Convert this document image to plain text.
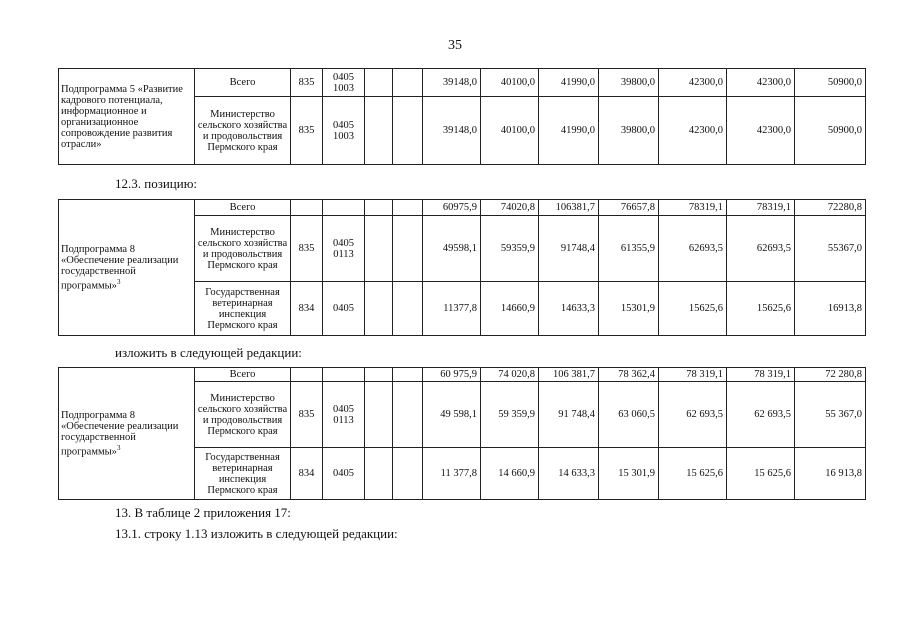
35
Подпрограмма 5 «Развитие кадрового потенциала, информационное и организационное сопровождение развития отрасли»	Всего	835	0405 1003			39148,0	40100,0	41990,0	39800,0	42300,0	42300,0	50900,0
	Министерство сельского хозяйства и продовольствия Пермского края	835	0405 1003			39148,0	40100,0	41990,0	39800,0	42300,0	42300,0	50900,0
12.3. позицию:
Подпрограмма 8 «Обеспечение реализации государственной программы»$^3$	Всего					60975,9	74020,8	106381,7	76657,8	78319,1	78319,1	72280,8
	Министерство сельского хозяйства и продовольствия Пермского края	835	0405 0113			49598,1	59359,9	91748,4	61355,9	62693,5	62693,5	55367,0
	Государственная ветеринарная инспекция Пермского края	834	0405			11377,8	14660,9	14633,3	15301,9	15625,6	15625,6	16913,8
изложить в следующей редакции:
Подпрограмма 8 «Обеспечение реализации государственной программы»$^3$	Всего					60 975,9	74 020,8	106 381,7	78 362,4	78 319,1	78 319,1	72 280,8
	Министерство сельского хозяйства и продовольствия Пермского края	835	0405 0113			49 598,1	59 359,9	91 748,4	63 060,5	62 693,5	62 693,5	55 367,0
	Государственная ветеринарная инспекция Пермского края	834	0405			11 377,8	14 660,9	14 633,3	15 301,9	15 625,6	15 625,6	16 913,8
13. В таблице 2 приложения 17:
13.1. строку 1.13 изложить в следующей редакции:
